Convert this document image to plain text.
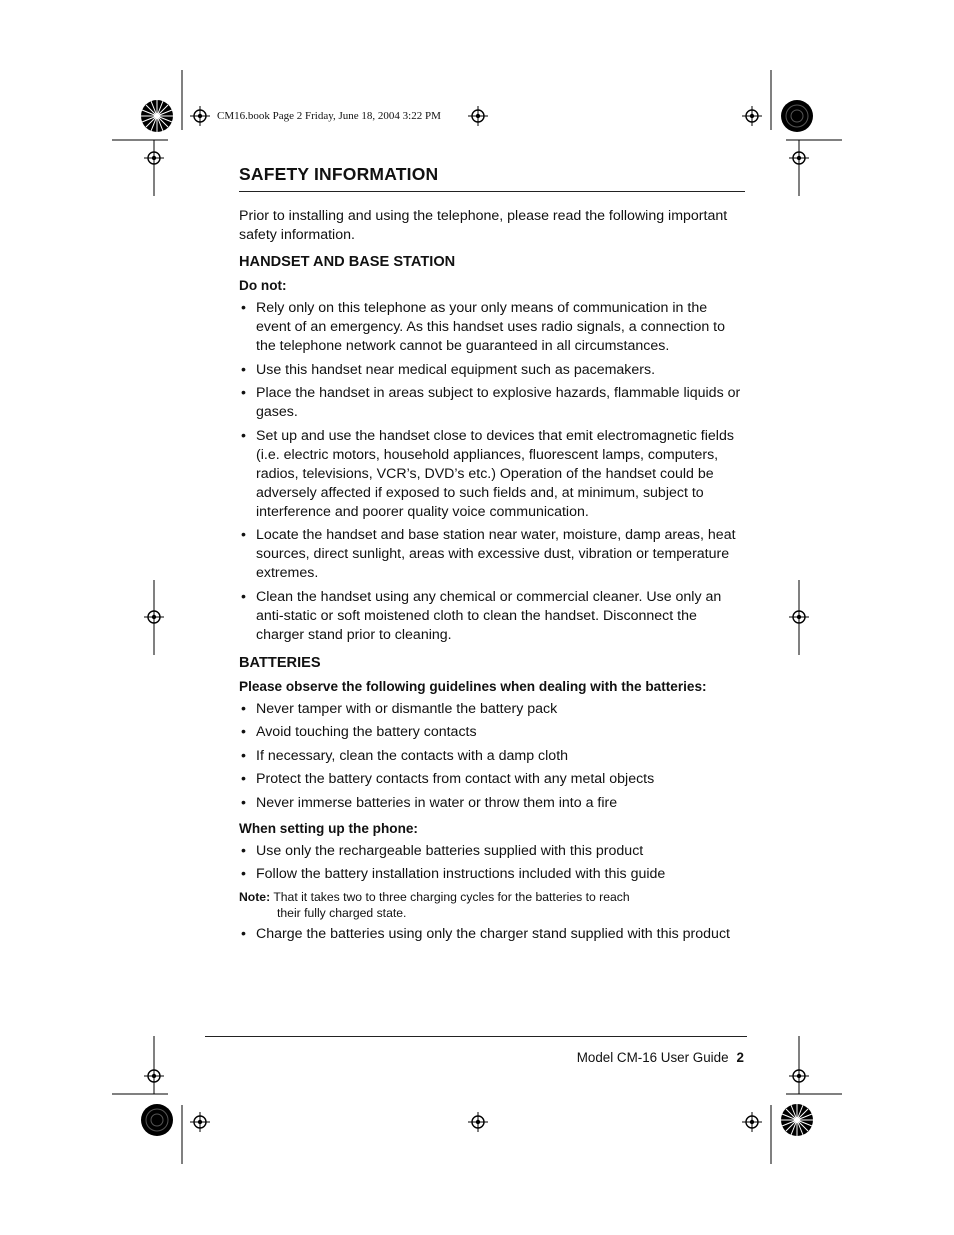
CM16.book Page 2 Friday, June 18, 2004 3:22 PM
SAFETY INFORMATION

Prior to installing and using the telephone, please read the following important safety information.

HANDSET AND BASE STATION
Do not:
• Rely only on this telephone as your only means of communication in the event of an emergency. As this handset uses radio signals, a connection to the telephone network cannot be guaranteed in all circumstances.
• Use this handset near medical equipment such as pacemakers.
• Place the handset in areas subject to explosive hazards, flammable liquids or gases.
• Set up and use the handset close to devices that emit electromagnetic fields (i.e. electric motors, household appliances, fluorescent lamps, computers, radios, televisions, VCR’s, DVD’s etc.) Operation of the handset could be adversely affected if exposed to such fields and, at minimum, subject to interference and poorer quality voice communication.
• Locate the handset and base station near water, moisture, damp areas, heat sources, direct sunlight, areas with excessive dust, vibration or temperature extremes.
• Clean the handset using any chemical or commercial cleaner. Use only an anti-static or soft moistened cloth to clean the handset. Disconnect the charger stand prior to cleaning.
BATTERIES
Please observe the following guidelines when dealing with the batteries:
• Never tamper with or dismantle the battery pack
• Avoid touching the battery contacts
• If necessary, clean the contacts with a damp cloth
• Protect the battery contacts from contact with any metal objects
• Never immerse batteries in water or throw them into a fire
When setting up the phone:
• Use only the rechargeable batteries supplied with this product
• Follow the battery installation instructions included with this guide
Note: That it takes two to three charging cycles for the batteries to reach
their fully charged state.
• Charge the batteries using only the charger stand supplied with this product
Model CM-16 User Guide 2
